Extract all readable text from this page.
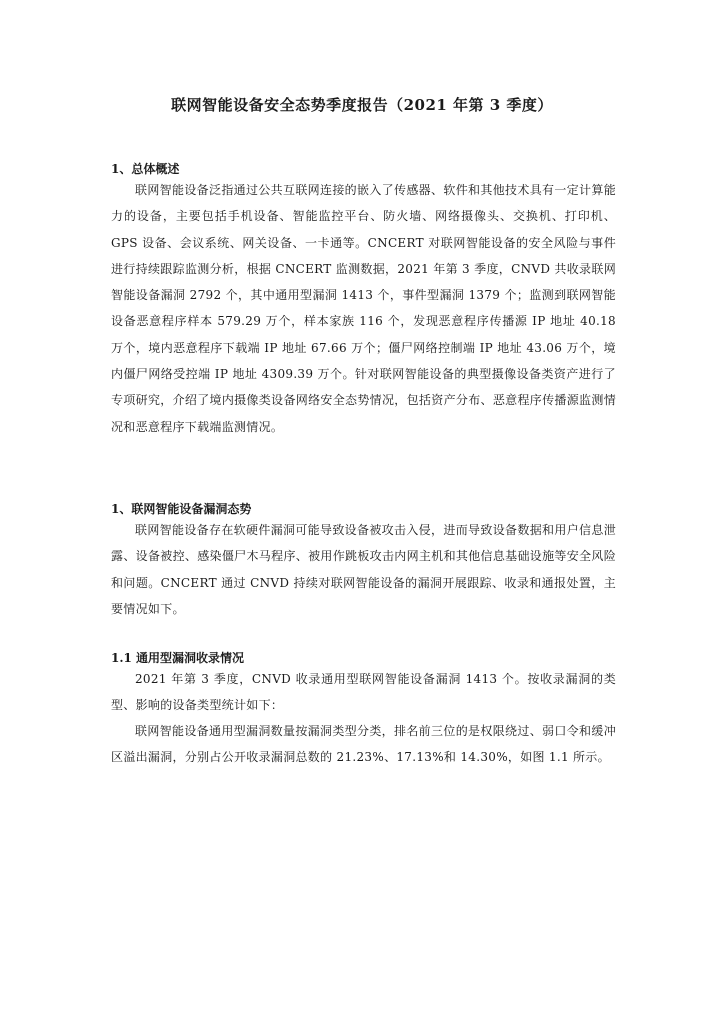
联网智能设备安全态势季度报告（2021 年第 3 季度）
1、总体概述

联网智能设备泛指通过公共互联网连接的嵌入了传感器、软件和其他技术具有一定计算能力的设备，主要包括手机设备、智能监控平台、防火墙、网络摄像头、交换机、打印机、GPS 设备、会议系统、网关设备、一卡通等。CNCERT 对联网智能设备的安全风险与事件进行持续跟踪监测分析，根据 CNCERT 监测数据，2021 年第 3 季度，CNVD 共收录联网智能设备漏洞 2792 个，其中通用型漏洞 1413 个，事件型漏洞 1379 个；监测到联网智能设备恶意程序样本 579.29 万个，样本家族 116 个，发现恶意程序传播源 IP 地址 40.18 万个，境内恶意程序下载端 IP 地址 67.66 万个；僵尸网络控制端 IP 地址 43.06 万个，境内僵尸网络受控端 IP 地址 4309.39 万个。针对联网智能设备的典型摄像设备类资产进行了专项研究，介绍了境内摄像类设备网络安全态势情况，包括资产分布、恶意程序传播源监测情况和恶意程序下载端监测情况。

1、联网智能设备漏洞态势

联网智能设备存在软硬件漏洞可能导致设备被攻击入侵，进而导致设备数据和用户信息泄露、设备被控、感染僵尸木马程序、被用作跳板攻击内网主机和其他信息基础设施等安全风险和问题。CNCERT 通过 CNVD 持续对联网智能设备的漏洞开展跟踪、收录和通报处置，主要情况如下。

1.1 通用型漏洞收录情况

2021 年第 3 季度，CNVD 收录通用型联网智能设备漏洞 1413 个。按收录漏洞的类型、影响的设备类型统计如下：

联网智能设备通用型漏洞数量按漏洞类型分类，排名前三位的是权限绕过、弱口令和缓冲区溢出漏洞，分别占公开收录漏洞总数的 21.23%、17.13%和 14.30%，如图 1.1 所示。
